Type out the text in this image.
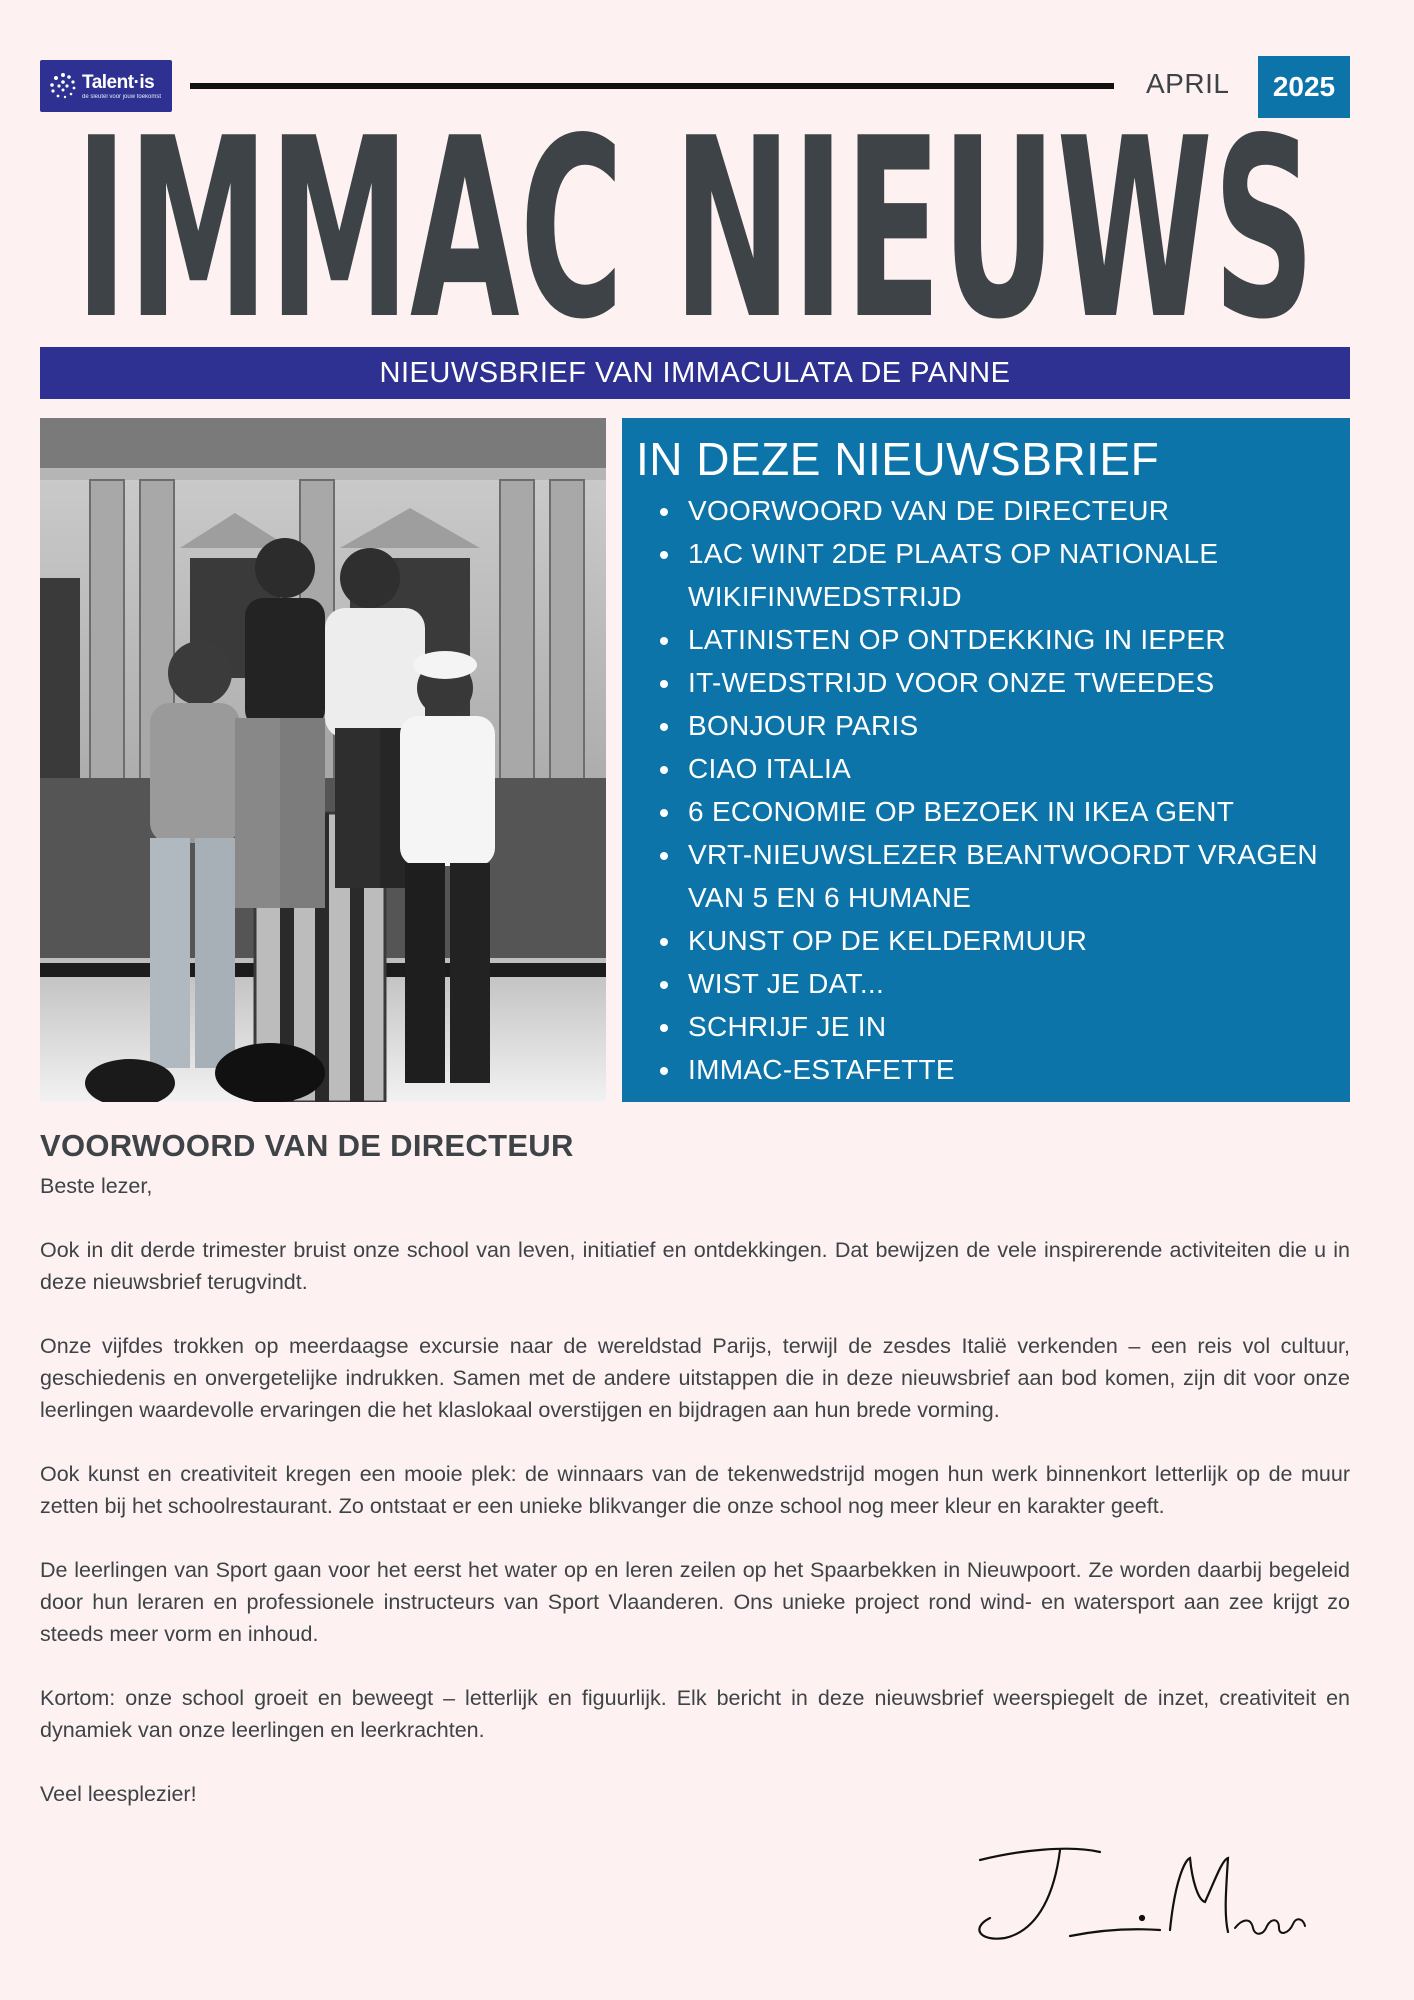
Talent·is
de sleutel voor jouw toekomst	APRIL	2025
IMMAC NIEUWS
NIEUWSBRIEF VAN IMMACULATA DE PANNE
IN DEZE NIEUWSBRIEF
VOORWOORD VAN DE DIRECTEUR
1AC WINT 2DE PLAATS OP NATIONALE WIKIFINWEDSTRIJD
LATINISTEN OP ONTDEKKING IN IEPER
IT-WEDSTRIJD VOOR ONZE TWEEDES
BONJOUR PARIS
CIAO ITALIA
6 ECONOMIE OP BEZOEK IN IKEA GENT
VRT-NIEUWSLEZER BEANTWOORDT VRAGEN VAN 5 EN 6 HUMANE
KUNST OP DE KELDERMUUR
WIST JE DAT...
SCHRIJF JE IN
IMMAC-ESTAFETTE
VOORWOORD VAN DE DIRECTEUR

Beste lezer,

Ook in dit derde trimester bruist onze school van leven, initiatief en ontdekkingen. Dat bewijzen de vele inspirerende activiteiten die u in deze nieuwsbrief terugvindt.

Onze vijfdes trokken op meerdaagse excursie naar de wereldstad Parijs, terwijl de zesdes Italië verkenden – een reis vol cultuur, geschiedenis en onvergetelijke indrukken. Samen met de andere uitstappen die in deze nieuwsbrief aan bod komen, zijn dit voor onze leerlingen waardevolle ervaringen die het klaslokaal overstijgen en bijdragen aan hun brede vorming.

Ook kunst en creativiteit kregen een mooie plek: de winnaars van de tekenwedstrijd mogen hun werk binnenkort letterlijk op de muur zetten bij het schoolrestaurant. Zo ontstaat er een unieke blikvanger die onze school nog meer kleur en karakter geeft.

De leerlingen van Sport gaan voor het eerst het water op en leren zeilen op het Spaarbekken in Nieuwpoort. Ze worden daarbij begeleid door hun leraren en professionele instructeurs van Sport Vlaanderen. Ons unieke project rond wind- en watersport aan zee krijgt zo steeds meer vorm en inhoud.

Kortom: onze school groeit en beweegt – letterlijk en figuurlijk. Elk bericht in deze nieuwsbrief weerspiegelt de inzet, creativiteit en dynamiek van onze leerlingen en leerkrachten.

Veel leesplezier!
